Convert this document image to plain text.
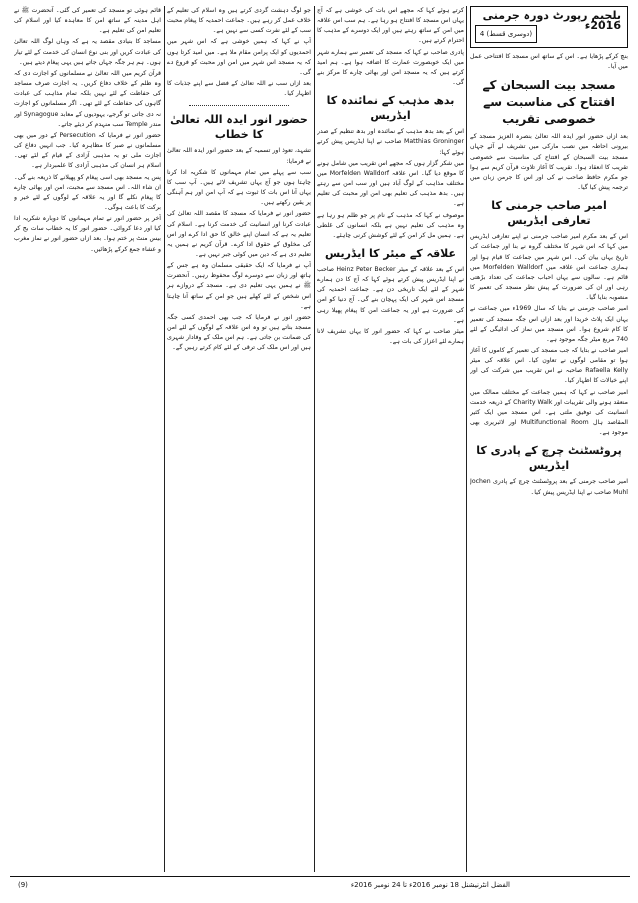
بلجیم رپورٹ دورہ جرمنی 2016ء
(دوسری قسط) 4

بنچ کرکے پڑھایا ہے۔ اس کے ساتھ اس مسجد کا افتتاحی عمل میں آیا۔

مسجد بیت السبحان کے افتتاح کی مناسبت سے خصوصی تقریب

بعد ازاں حضور انور ایدہ اللہ تعالیٰ بنصرہ العزیز مسجد کے بیرونی احاطہ میں نصب مارکی میں تشریف لے آئے جہاں مسجد بیت السبحان کے افتتاح کی مناسبت سے خصوصی تقریب کا انعقاد ہوا۔ تقریب کا آغاز تلاوت قرآن کریم سے ہوا جو مکرم حافظ صاحب نے کی اور اس کا جرمن زبان میں ترجمہ پیش کیا گیا۔

امیر صاحب جرمنی کا تعارفی ایڈریس

اس کے بعد مکرم امیر صاحب جرمنی نے اپنے تعارفی ایڈریس میں کہا کہ اس شہر کا مختلف گروہ نے بنا اور جماعت کی تاریخ یہاں بیان کی۔ اس شہر میں جماعت کا قیام ہوا اور ہماری جماعت اس علاقہ میں Morfelden Walldorf میں قائم ہے۔ سالوں سے یہاں احباب جماعت کی تعداد بڑھتی رہی اور ان کی ضرورت کے پیش نظر مسجد کی تعمیر کا منصوبہ بنایا گیا۔

امیر صاحب جرمنی نے بتایا کہ سال 1969ء میں جماعت نے یہاں ایک پلاٹ خریدا اور بعد ازاں اس جگہ مسجد کی تعمیر کا کام شروع ہوا۔ اس مسجد میں نماز کی ادائیگی کے لئے 740 مربع میٹر جگہ موجود ہے۔

امیر صاحب نے بتایا کہ جب مسجد کی تعمیر کے کاموں کا آغاز ہوا تو مقامی لوگوں نے تعاون کیا۔ اس علاقہ کی میئر Rafaella Kelly صاحبہ نے اس تقریب میں شرکت کی اور اپنے خیالات کا اظہار کیا۔

امیر صاحب نے کہا کہ ہمیں جماعت کے مختلف ممالک میں منعقد ہونے والی تقریبات اور Charity Walk کے ذریعہ خدمت انسانیت کی توفیق ملتی ہے۔ اس مسجد میں ایک کثیر المقاصد ہال Multifunctional Room اور لائبریری بھی موجود ہے۔

پروٹسٹنٹ چرچ کے پادری کا ایڈریس

امیر صاحب جرمنی کے بعد پروٹسٹنٹ چرچ کے پادری Jochen Muhl صاحب نے اپنا ایڈریس پیش کیا۔

کرتے ہوئے کہا کہ مجھے اس بات کی خوشی ہے کہ آج یہاں اس مسجد کا افتتاح ہو رہا ہے۔ ہم سب اس علاقہ میں امن کے ساتھ رہتے ہیں اور ایک دوسرے کے مذہب کا احترام کرتے ہیں۔

پادری صاحب نے کہا کہ مسجد کی تعمیر سے ہمارے شہر میں ایک خوبصورت عمارت کا اضافہ ہوا ہے۔ ہم امید کرتے ہیں کہ یہ مسجد امن اور بھائی چارے کا مرکز بنے گی۔

بدھ مذہب کے نمائندہ کا ایڈریس

اس کے بعد بدھ مذہب کے نمائندہ اور بدھ تنظیم کے صدر Matthias Groninger صاحب نے اپنا ایڈریس پیش کرتے ہوئے کہا:

میں شکر گزار ہوں کہ مجھے اس تقریب میں شامل ہونے کا موقع دیا گیا۔ اس علاقہ Morfelden Walldorf میں مختلف مذاہب کے لوگ آباد ہیں اور سب امن سے رہتے ہیں۔ بدھ مذہب کی تعلیم بھی امن اور محبت کی تعلیم ہے۔

موصوف نے کہا کہ مذہب کے نام پر جو ظلم ہو رہا ہے وہ مذہب کی تعلیم نہیں ہے بلکہ انسانوں کی غلطی ہے۔ ہمیں مل کر امن کے لئے کوشش کرنی چاہئے۔

علاقہ کے میئر کا ایڈریس

اس کے بعد علاقہ کے میئر Heinz Peter Becker صاحب نے اپنا ایڈریس پیش کرتے ہوئے کہا کہ آج کا دن ہمارے شہر کے لئے ایک تاریخی دن ہے۔ جماعت احمدیہ کی مسجد اس شہر کی ایک پہچان بنے گی۔ آج دنیا کو امن کی ضرورت ہے اور یہ جماعت امن کا پیغام پھیلا رہی ہے۔

میئر صاحب نے کہا کہ حضور انور کا یہاں تشریف لانا ہمارے لئے اعزاز کی بات ہے۔

جو لوگ دہشت گردی کرتے ہیں وہ اسلام کی تعلیم کے خلاف عمل کر رہے ہیں۔ جماعت احمدیہ کا پیغام محبت سب کے لئے نفرت کسی سے نہیں ہے۔

آپ نے کہا کہ ہمیں خوشی ہے کہ اس شہر میں احمدیوں کو ایک پرامن مقام ملا ہے۔ میں امید کرتا ہوں کہ یہ مسجد اس شہر میں امن اور محبت کو فروغ دے گی۔

بعد ازاں سب نے اللہ تعالیٰ کے فضل سے اپنے جذبات کا اظہار کیا۔

حضور انور ایدہ اللہ تعالیٰ کا خطاب

تشہد، تعوذ اور تسمیہ کے بعد حضور انور ایدہ اللہ تعالیٰ نے فرمایا:

سب سے پہلے میں تمام مہمانوں کا شکریہ ادا کرنا چاہتا ہوں جو آج یہاں تشریف لائے ہیں۔ آپ سب کا یہاں آنا اس بات کا ثبوت ہے کہ آپ امن اور ہم آہنگی پر یقین رکھتے ہیں۔

حضور انور نے فرمایا کہ مسجد کا مقصد اللہ تعالیٰ کی عبادت کرنا اور انسانیت کی خدمت کرنا ہے۔ اسلام کی تعلیم یہ ہے کہ انسان اپنے خالق کا حق ادا کرے اور اس کی مخلوق کے حقوق ادا کرے۔ قرآن کریم نے ہمیں یہ تعلیم دی ہے کہ دین میں کوئی جبر نہیں ہے۔

آپ نے فرمایا کہ ایک حقیقی مسلمان وہ ہے جس کے ہاتھ اور زبان سے دوسرے لوگ محفوظ رہیں۔ آنحضرت ﷺ نے ہمیں یہی تعلیم دی ہے۔ مسجد کے دروازے ہر اس شخص کے لئے کھلے ہیں جو امن کے ساتھ آنا چاہتا ہے۔

حضور انور نے فرمایا کہ جب بھی احمدی کسی جگہ مسجد بناتے ہیں تو وہ اس علاقہ کے لوگوں کے لئے امن کی ضمانت بن جاتی ہے۔ ہم اس ملک کے وفادار شہری ہیں اور اس ملک کی ترقی کے لئے کام کرتے رہیں گے۔

قائم ہوئی تو مسجد کی تعمیر کی گئی۔ آنحضرت ﷺ نے اہل مدینہ کے ساتھ امن کا معاہدہ کیا اور اسلام کی تعلیم امن کی تعلیم ہے۔

مساجد کا بنیادی مقصد یہ ہے کہ وہاں لوگ اللہ تعالیٰ کی عبادت کریں اور بنی نوع انسان کی خدمت کے لئے تیار ہوں۔ ہم ہر جگہ جہاں جاتے ہیں یہی پیغام دیتے ہیں۔

قرآن کریم میں اللہ تعالیٰ نے مسلمانوں کو اجازت دی کہ وہ ظلم کے خلاف دفاع کریں۔ یہ اجازت صرف مساجد کی حفاظت کے لئے نہیں بلکہ تمام مذاہب کی عبادت گاہوں کی حفاظت کے لئے تھی۔ اگر مسلمانوں کو اجازت نہ دی جاتی تو گرجے، یہودیوں کے معابد Synagogue اور مندر Temple سب منہدم کر دیئے جاتے۔

حضور انور نے فرمایا کہ Persecution کے دور میں بھی مسلمانوں نے صبر کا مظاہرہ کیا۔ جب انہیں دفاع کی اجازت ملی تو یہ مذہبی آزادی کے قیام کے لئے تھی۔ اسلام ہر انسان کی مذہبی آزادی کا علمبردار ہے۔

پس یہ مسجد بھی اسی پیغام کو پھیلانے کا ذریعہ بنے گی۔ ان شاء اللہ۔ اس مسجد سے محبت، امن اور بھائی چارے کا پیغام نکلے گا اور یہ علاقہ کے لوگوں کے لئے خیر و برکت کا باعث ہوگی۔

آخر پر حضور انور نے تمام مہمانوں کا دوبارہ شکریہ ادا کیا اور دعا کروائی۔ حضور انور کا یہ خطاب سات بج کر بیس منٹ پر ختم ہوا۔ بعد ازاں حضور انور نے نماز مغرب و عشاء جمع کرکے پڑھائیں۔

الفضل انٹرنیشنل 18 نومبر 2016ء تا 24 نومبر 2016ء
(9)
